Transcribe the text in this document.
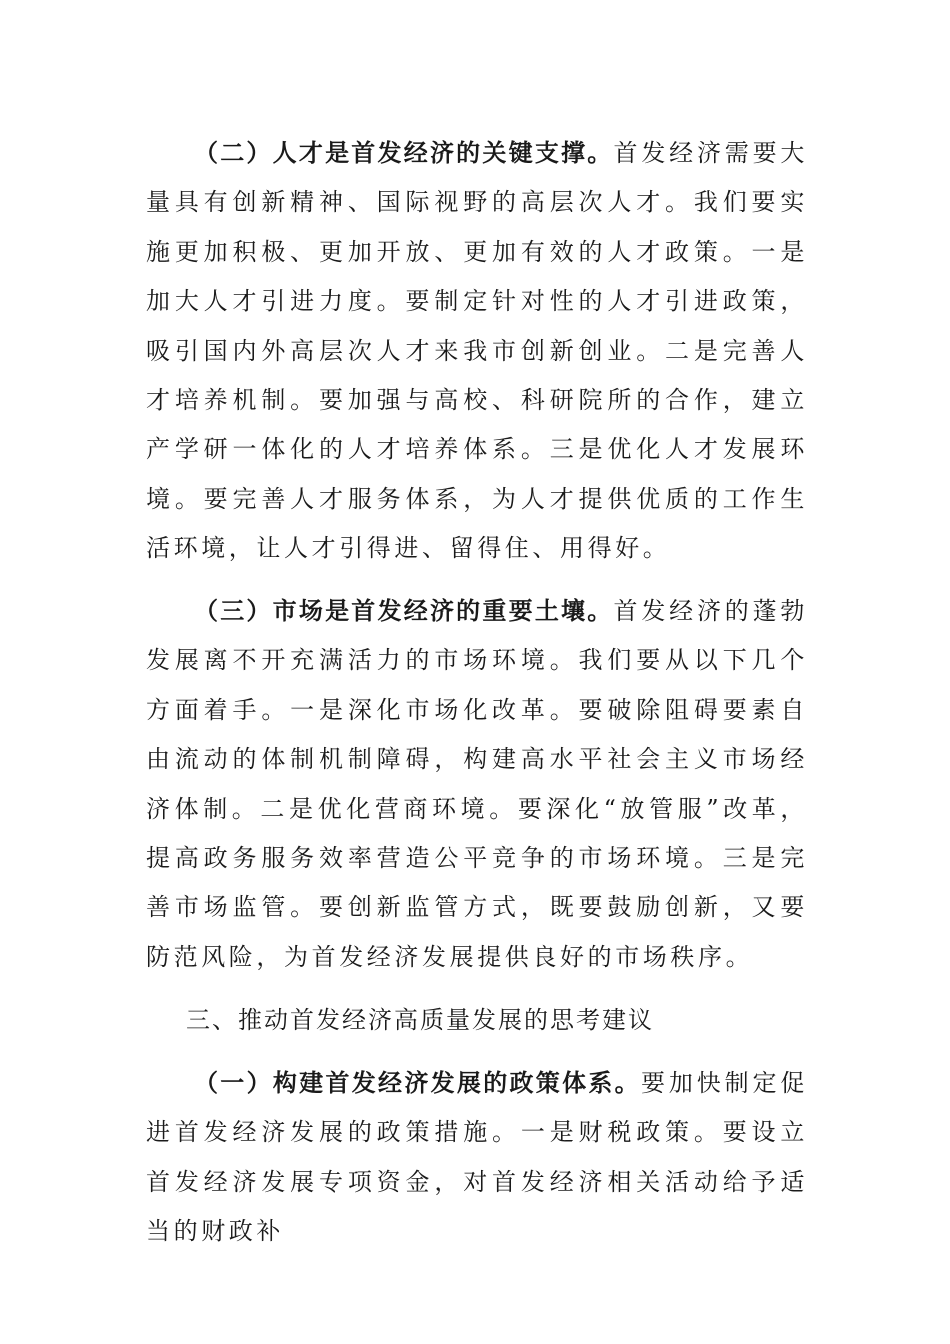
（二）人才是首发经济的关键支撑。首发经济需要大量具有创新精神、国际视野的高层次人才。我们要实施更加积极、更加开放、更加有效的人才政策。一是加大人才引进力度。要制定针对性的人才引进政策，吸引国内外高层次人才来我市创新创业。二是完善人才培养机制。要加强与高校、科研院所的合作，建立产学研一体化的人才培养体系。三是优化人才发展环境。要完善人才服务体系，为人才提供优质的工作生活环境，让人才引得进、留得住、用得好。

（三）市场是首发经济的重要土壤。首发经济的蓬勃发展离不开充满活力的市场环境。我们要从以下几个方面着手。一是深化市场化改革。要破除阻碍要素自由流动的体制机制障碍，构建高水平社会主义市场经济体制。二是优化营商环境。要深化“放管服”改革，提高政务服务效率营造公平竞争的市场环境。三是完善市场监管。要创新监管方式，既要鼓励创新，又要防范风险，为首发经济发展提供良好的市场秩序。

三、推动首发经济高质量发展的思考建议

（一）构建首发经济发展的政策体系。要加快制定促进首发经济发展的政策措施。一是财税政策。要设立首发经济发展专项资金，对首发经济相关活动给予适当的财政补
